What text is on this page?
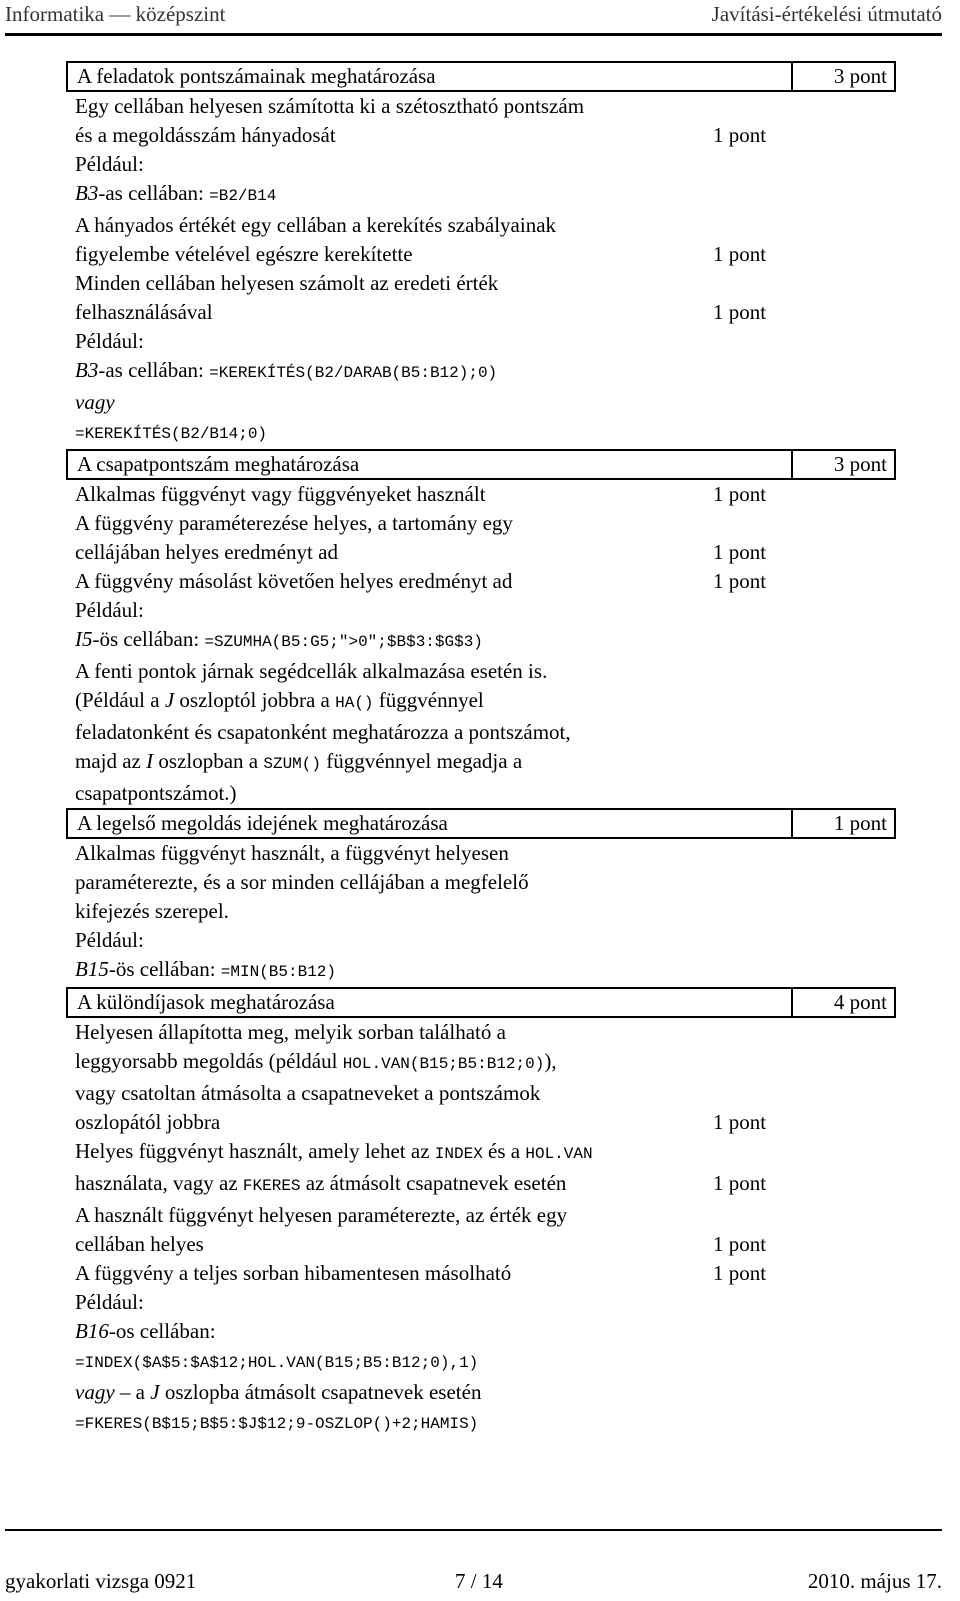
Informatika — középszint	Javítási-értékelési útmutató
A feladatok pontszámainak meghatározása	3 pont
Egy cellában helyesen számította ki a szétosztható pontszám
és a megoldásszám hányadosát	1 pont
Például:
B3-as cellában: =B2/B14
A hányados értékét egy cellában a kerekítés szabályainak
figyelembe vételével egészre kerekítette	1 pont
Minden cellában helyesen számolt az eredeti érték
felhasználásával	1 pont
Például:
B3-as cellában: =KEREKÍTÉS(B2/DARAB(B5:B12);0)
vagy
=KEREKÍTÉS(B2/B14;0)
A csapatpontszám meghatározása	3 pont
Alkalmas függvényt vagy függvényeket használt	1 pont
A függvény paraméterezése helyes, a tartomány egy
cellájában helyes eredményt ad	1 pont
A függvény másolást követően helyes eredményt ad	1 pont
Például:
I5-ös cellában: =SZUMHA(B5:G5;">0";$B$3:$G$3)
A fenti pontok járnak segédcellák alkalmazása esetén is.
(Például a J oszloptól jobbra a HA() függvénnyel
feladatonként és csapatonként meghatározza a pontszámot,
majd az I oszlopban a SZUM() függvénnyel megadja a
csapatpontszámot.)
A legelső megoldás idejének meghatározása	1 pont
Alkalmas függvényt használt, a függvényt helyesen
paraméterezte, és a sor minden cellájában a megfelelő
kifejezés szerepel.
Például:
B15-ös cellában: =MIN(B5:B12)
A különdíjasok meghatározása	4 pont
Helyesen állapította meg, melyik sorban található a
leggyorsabb megoldás (például HOL.VAN(B15;B5:B12;0)),
vagy csatoltan átmásolta a csapatneveket a pontszámok
oszlopától jobbra	1 pont
Helyes függvényt használt, amely lehet az INDEX és a HOL.VAN
használata, vagy az FKERES az átmásolt csapatnevek esetén	1 pont
A használt függvényt helyesen paraméterezte, az érték egy
cellában helyes	1 pont
A függvény a teljes sorban hibamentesen másolható	1 pont
Például:
B16-os cellában:
=INDEX($A$5:$A$12;HOL.VAN(B15;B5:B12;0),1)
vagy – a J oszlopba átmásolt csapatnevek esetén
=FKERES(B$15;B$5:$J$12;9-OSZLOP()+2;HAMIS)
gyakorlati vizsga 0921	7 / 14	2010. május 17.
